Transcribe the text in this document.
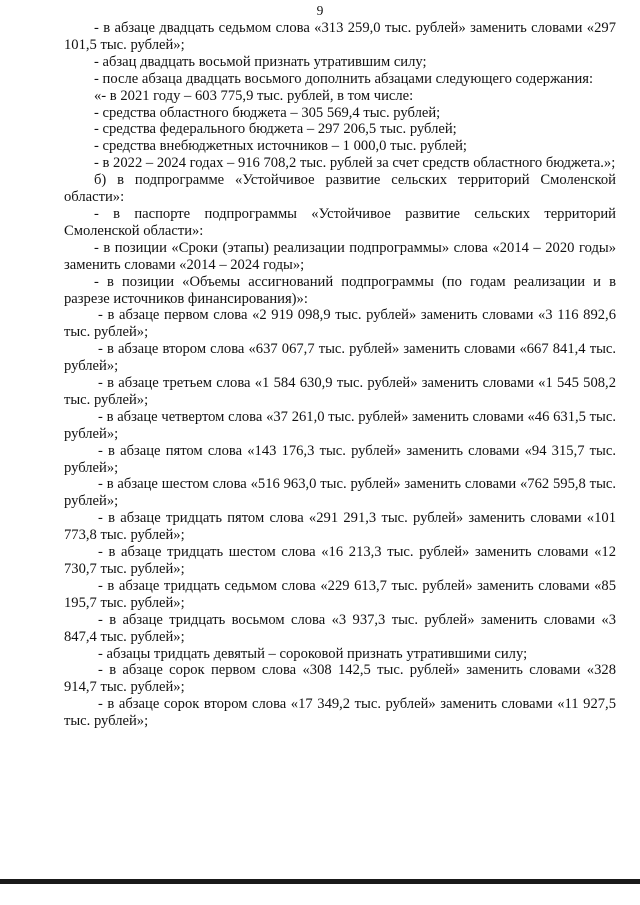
9

- в абзаце двадцать седьмом слова «313 259,0 тыс. рублей» заменить словами «297 101,5 тыс. рублей»;

- абзац двадцать восьмой признать утратившим силу;

- после абзаца двадцать восьмого дополнить абзацами следующего содержания:

«- в 2021 году – 603 775,9 тыс. рублей, в том числе:

- средства областного бюджета – 305 569,4 тыс. рублей;

- средства федерального бюджета – 297 206,5 тыс. рублей;

- средства внебюджетных источников – 1 000,0 тыс. рублей;

- в 2022 – 2024 годах – 916 708,2 тыс. рублей за счет средств областного бюджета.»;

б) в подпрограмме «Устойчивое развитие сельских территорий Смоленской области»:

- в паспорте подпрограммы «Устойчивое развитие сельских территорий Смоленской области»:

- в позиции «Сроки (этапы) реализации подпрограммы» слова «2014 – 2020 годы» заменить словами «2014 – 2024 годы»;

- в позиции «Объемы ассигнований подпрограммы (по годам реализации и в разрезе источников финансирования)»:

- в абзаце первом слова «2 919 098,9 тыс. рублей» заменить словами «3 116 892,6 тыс. рублей»;

- в абзаце втором слова «637 067,7 тыс. рублей» заменить словами «667 841,4 тыс. рублей»;

- в абзаце третьем слова «1 584 630,9 тыс. рублей» заменить словами «1 545 508,2 тыс. рублей»;

- в абзаце четвертом слова «37 261,0 тыс. рублей» заменить словами «46 631,5 тыс. рублей»;

- в абзаце пятом слова «143 176,3 тыс. рублей» заменить словами «94 315,7 тыс. рублей»;

- в абзаце шестом слова «516 963,0 тыс. рублей» заменить словами «762 595,8 тыс. рублей»;

- в абзаце тридцать пятом слова «291 291,3 тыс. рублей» заменить словами «101 773,8 тыс. рублей»;

- в абзаце тридцать шестом слова «16 213,3 тыс. рублей» заменить словами «12 730,7 тыс. рублей»;

- в абзаце тридцать седьмом слова «229 613,7 тыс. рублей» заменить словами «85 195,7 тыс. рублей»;

- в абзаце тридцать восьмом слова «3 937,3 тыс. рублей» заменить словами «3 847,4 тыс. рублей»;

- абзацы тридцать девятый – сороковой признать утратившими силу;

- в абзаце сорок первом слова «308 142,5 тыс. рублей» заменить словами «328 914,7 тыс. рублей»;

- в абзаце сорок втором слова «17 349,2 тыс. рублей» заменить словами «11 927,5 тыс. рублей»;
